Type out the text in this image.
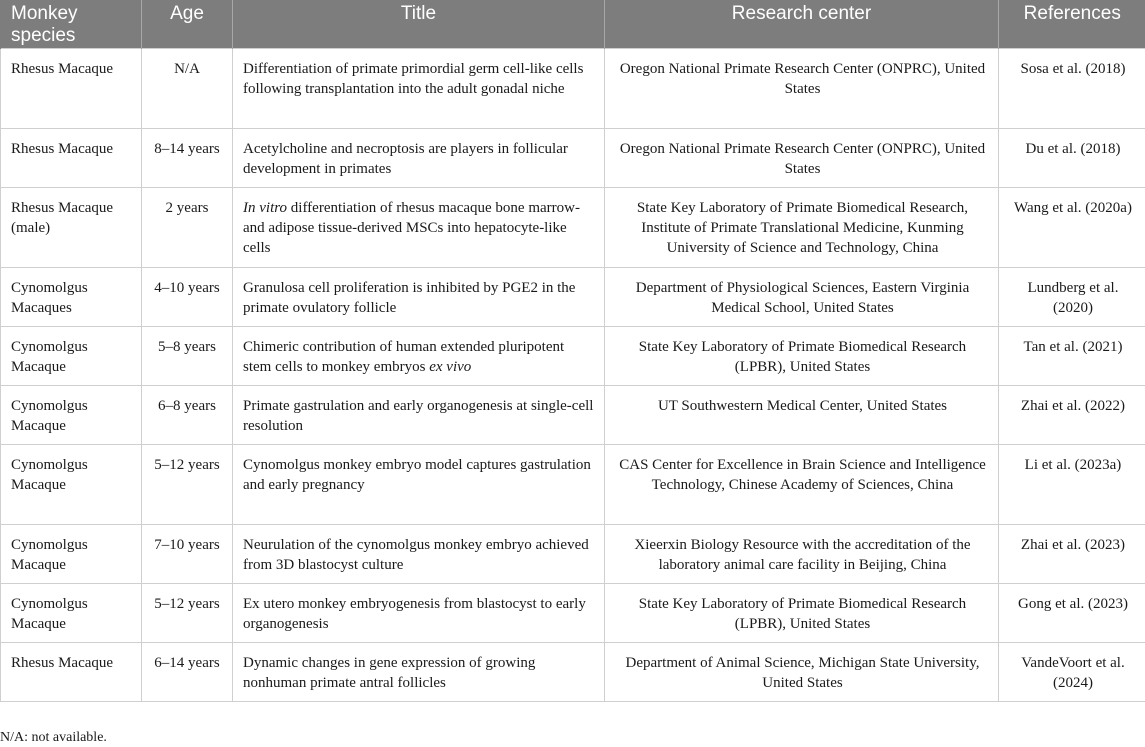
Monkey species	Age	Title	Research center	References
Rhesus Macaque	N/A	Differentiation of primate primordial germ cell-like cells following transplantation into the adult gonadal niche	Oregon National Primate Research Center (ONPRC), United States	Sosa et al. (2018)
Rhesus Macaque	8–14 years	Acetylcholine and necroptosis are players in follicular development in primates	Oregon National Primate Research Center (ONPRC), United States	Du et al. (2018)
Rhesus Macaque (male)	2 years	In vitro differentiation of rhesus macaque bone marrow- and adipose tissue-derived MSCs into hepatocyte-like cells	State Key Laboratory of Primate Biomedical Research, Institute of Primate Translational Medicine, Kunming University of Science and Technology, China	Wang et al. (2020a)
Cynomolgus Macaques	4–10 years	Granulosa cell proliferation is inhibited by PGE2 in the primate ovulatory follicle	Department of Physiological Sciences, Eastern Virginia Medical School, United States	Lundberg et al. (2020)
Cynomolgus Macaque	5–8 years	Chimeric contribution of human extended pluripotent stem cells to monkey embryos ex vivo	State Key Laboratory of Primate Biomedical Research (LPBR), United States	Tan et al. (2021)
Cynomolgus Macaque	6–8 years	Primate gastrulation and early organogenesis at single-cell resolution	UT Southwestern Medical Center, United States	Zhai et al. (2022)
Cynomolgus Macaque	5–12 years	Cynomolgus monkey embryo model captures gastrulation and early pregnancy	CAS Center for Excellence in Brain Science and Intelligence Technology, Chinese Academy of Sciences, China	Li et al. (2023a)
Cynomolgus Macaque	7–10 years	Neurulation of the cynomolgus monkey embryo achieved from 3D blastocyst culture	Xieerxin Biology Resource with the accreditation of the laboratory animal care facility in Beijing, China	Zhai et al. (2023)
Cynomolgus Macaque	5–12 years	Ex utero monkey embryogenesis from blastocyst to early organogenesis	State Key Laboratory of Primate Biomedical Research (LPBR), United States	Gong et al. (2023)
Rhesus Macaque	6–14 years	Dynamic changes in gene expression of growing nonhuman primate antral follicles	Department of Animal Science, Michigan State University, United States	VandeVoort et al. (2024)
N/A: not available.
